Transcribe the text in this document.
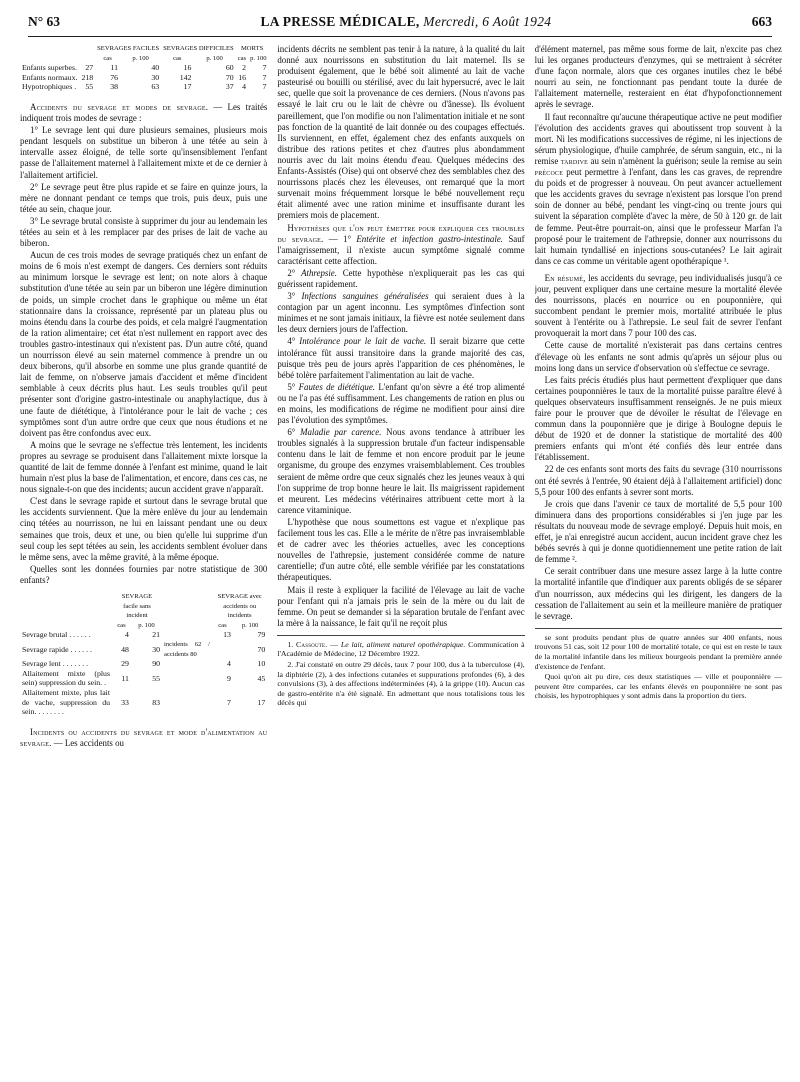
N° 63	LA PRESSE MÉDICALE, Mercredi, 6 Août 1924	663
		SEVRAGES FACILES		SEVRAGES DIFFICILES		MORTS	
		cas	p. 100	cas	p. 100	cas	p. 100
Enfants superbes.	27	11	40	16	60	2	7
Enfants normaux.	218	76	30	142	70	16	7
Hypotrophiques .	55	38	63	17	37	4	7

Accidents du sevrage et modes de sevrage. — Les traités indiquent trois modes de sevrage :

1° Le sevrage lent qui dure plusieurs semaines, plusieurs mois pendant lesquels on substitue un biberon à une tétée au sein à intervalle assez éloigné, de telle sorte qu'insensiblement l'enfant passe de l'allaitement maternel à l'allaitement mixte et de ce dernier à l'allaitement artificiel.

2° Le sevrage peut être plus rapide et se faire en quinze jours, la mère ne donnant pendant ce temps que trois, puis deux, puis une tétée au sein, chaque jour.

3° Le sevrage brutal consiste à supprimer du jour au lendemain les tétées au sein et à les remplacer par des prises de lait de vache au biberon.

Aucun de ces trois modes de sevrage pratiqués chez un enfant de moins de 6 mois n'est exempt de dangers. Ces derniers sont réduits au minimum lorsque le sevrage est lent; on note alors à chaque substitution d'une tétée au sein par un biberon une légère diminution de poids, un simple crochet dans le graphique ou même un état stationnaire dans la croissance, représenté par un plateau plus ou moins étendu dans la courbe des poids, et cela malgré l'augmentation de la ration alimentaire; cet état n'est nullement en rapport avec des troubles gastro-intestinaux qui n'existent pas. D'un autre côté, quand un nourrisson élevé au sein maternel commence à prendre un ou deux biberons, qu'il absorbe en somme une plus grande quantité de lait de femme, on n'observe jamais d'accident et même d'incident semblable à ceux décrits plus haut. Les seuls troubles qu'il peut présenter sont d'origine gastro-intestinale ou anaphylactique, dus à une faute de diététique, à l'intolérance pour le lait de vache ; ces symptômes sont d'un autre ordre que ceux que nous étudions et ne doivent pas être confondus avec eux.

A moins que le sevrage ne s'effectue très lentement, les incidents propres au sevrage se produisent dans l'allaitement mixte lorsque la quantité de lait de femme donnée à l'enfant est minime, quand le lait humain n'est plus la base de l'alimentation, et encore, dans ces cas, ne nous signale-t-on que des incidents; aucun accident grave n'apparaît.

C'est dans le sevrage rapide et surtout dans le sevrage brutal que les accidents surviennent. Que la mère enlève du jour au lendemain cinq tétées au nourrisson, ne lui en laissant pendant une ou deux semaines que trois, deux et une, ou bien qu'elle lui supprime d'un seul coup les sept tétées au sein, les accidents semblent évoluer dans le même sens, avec la même gravité, à la même époque.

Quelles sont les données fournies par notre statistique de 300 enfants?

	SEVRAGE facile sans incident			SEVRAGE avec accidents ou incidents	
	cas	p. 100		cas	p. 100
Sevrage brutal . . . . . .	4	21		13	79
Sevrage rapide . . . . . .	48	30	incidents 62 / accidents 80		70
Sevrage lent . . . . . . .	29	90		4	10
Allaitement mixte (plus sein) suppression du sein. .	11	55		9	45
Allaitement mixte, plus lait de vache, suppression du sein. . . . . . . .	33	83		7	17

Incidents ou accidents du sevrage et mode d'alimentation au sevrage. — Les accidents ou

incidents décrits ne semblent pas tenir à la nature, à la qualité du lait donné aux nourrissons en substitution du lait maternel. Ils se produisent également, que le bébé soit alimenté au lait de vache pasteurisé ou bouilli ou stérilisé, avec du lait hypersucré, avec le lait sec, quelle que soit la provenance de ces derniers. (Nous n'avons pas essayé le lait cru ou le lait de chèvre ou d'ânesse). Ils évoluent pareillement, que l'on modifie ou non l'alimentation initiale et ne sont pas fonction de la quantité de lait donnée ou des coupages effectués. Ils surviennent, en effet, également chez des enfants auxquels on distribue des rations petites et chez d'autres plus abondamment nourris avec du lait moins étendu d'eau. Quelques médecins des Enfants-Assistés (Oise) qui ont observé chez des semblables chez des nourrissons placés chez les éleveuses, ont remarqué que la mort survenait moins fréquemment lorsque le bébé nouvellement reçu était alimenté avec une ration minime et insuffisante durant les premiers mois de placement.

Hypothèses que l'on peut émettre pour expliquer ces troubles du sevrage. — 1° Entérite et infection gastro-intestinale. Sauf l'amaigrissement, il n'existe aucun symptôme signalé comme caractérisant cette affection.

2° Athrepsie. Cette hypothèse n'expliquerait pas les cas qui guérissent rapidement.

3° Infections sanguines généralisées qui seraient dues à la contagion par un agent inconnu. Les symptômes d'infection sont minimes et ne sont jamais initiaux, la fièvre est notée seulement dans les deux derniers jours de l'affection.

4° Intolérance pour le lait de vache. Il serait bizarre que cette intolérance fût aussi transitoire dans la grande majorité des cas, puisque très peu de jours après l'apparition de ces phénomènes, le bébé tolère parfaitement l'alimentation au lait de vache.

5° Fautes de diététique. L'enfant qu'on sèvre a été trop alimenté ou ne l'a pas été suffisamment. Les changements de ration en plus ou en moins, les modifications de régime ne modifient pour ainsi dire pas l'évolution des symptômes.

6° Maladie par carence. Nous avons tendance à attribuer les troubles signalés à la suppression brutale d'un facteur indispensable contenu dans le lait de femme et non encore produit par le jeune organisme, du groupe des enzymes vraisemblablement. Ces troubles seraient de même ordre que ceux signalés chez les jeunes veaux à qui l'on supprime de trop bonne heure le lait. Ils maigrissent rapidement et meurent. Les médecins vétérinaires attribuent cette mort à la carence vitaminique.

L'hypothèse que nous soumettons est vague et n'explique pas facilement tous les cas. Elle a le mérite de n'être pas invraisemblable et de cadrer avec les théories actuelles, avec les conceptions nouvelles de l'athrepsie, justement considérée comme de nature carentielle; d'un autre côté, elle semble vérifiée par les constatations thérapeutiques.

Mais il reste à expliquer la facilité de l'élevage au lait de vache pour l'enfant qui n'a jamais pris le sein de la mère ou du lait de femme. On peut se demander si la séparation brutale de l'enfant avec la mère à la naissance, le fait qu'il ne reçoit plus

1. Cassoute. — Le lait, aliment naturel opothérapique. Communication à l'Académie de Médecine, 12 Décembre 1922.

2. J'ai constaté en outre 29 décès, taux 7 pour 100, dus à la tuberculose (4), la diphtérie (2), à des infections cutanées et suppurations profondes (6), à des convulsions (3), à des affections indéterminées (4), à la grippe (10). Aucun cas de gastro-entérite n'a été signalé. En admettant que nous totalisions tous les décès qui

d'élément maternel, pas même sous forme de lait, n'excite pas chez lui les organes producteurs d'enzymes, qui se mettraient à sécréter d'une façon normale, alors que ces organes inutiles chez le bébé nourri au sein, ne fonctionnant pas pendant toute la durée de l'allaitement maternelle, resteraient en état d'hypofonctionnement après le sevrage.

Il faut reconnaître qu'aucune thérapeutique active ne peut modifier l'évolution des accidents graves qui aboutissent trop souvent à la mort. Ni les modifications successives de régime, ni les injections de sérum physiologique, d'huile camphrée, de sérum sanguin, etc., ni la remise tardive au sein n'amènent la guérison; seule la remise au sein précoce peut permettre à l'enfant, dans les cas graves, de reprendre du poids et de progresser à nouveau. On peut avancer actuellement que les accidents graves du sevrage n'existent pas lorsque l'on prend soin de donner au bébé, pendant les vingt-cinq ou trente jours qui suivent la séparation complète d'avec la mère, de 50 à 120 gr. de lait de femme. Peut-être pourrait-on, ainsi que le professeur Marfan l'a proposé pour le traitement de l'athrepsie, donner aux nourrissons du lait humain tyndallisé en injections sous-cutanées? Le lait agirait dans ce cas comme un véritable agent opothérapique ¹.

En résumé, les accidents du sevrage, peu individualisés jusqu'à ce jour, peuvent expliquer dans une certaine mesure la mortalité élevée des nourrissons, placés en nourrice ou en pouponnière, qui succombent pendant le premier mois, mortalité attribuée le plus souvent à l'entérite ou à l'athrepsie. Le seul fait de sevrer l'enfant provoquerait la mort dans 7 pour 100 des cas.

Cette cause de mortalité n'existerait pas dans certains centres d'élevage où les enfants ne sont admis qu'après un séjour plus ou moins long dans un service d'observation où s'effectue ce sevrage.

Les faits précis étudiés plus haut permettent d'expliquer que dans certaines pouponnières le taux de la mortalité puisse paraître élevé à quelques observateurs insuffisamment renseignés. Je ne puis mieux faire pour le prouver que de dévoiler le résultat de l'élevage en commun dans la pouponnière que je dirige à Boulogne depuis le début de 1920 et de donner la statistique de mortalité des 400 premiers enfants qui m'ont été confiés dès leur entrée dans l'établissement.

22 de ces enfants sont morts des faits du sevrage (310 nourrissons ont été sevrés à l'entrée, 90 étaient déjà à l'allaitement artificiel) donc 5,5 pour 100 des enfants à sevrer sont morts.

Je crois que dans l'avenir ce taux de mortalité de 5,5 pour 100 diminuera dans des proportions considérables si j'en juge par les résultats du nouveau mode de sevrage employé. Depuis huit mois, en effet, je n'ai enregistré aucun accident, aucun incident grave chez les bébés sevrés à qui je donne quotidiennement une petite ration de lait de femme ².

Ce serait contribuer dans une mesure assez large à la lutte contre la mortalité infantile que d'indiquer aux parents obligés de se séparer d'un nourrisson, aux médecins qui les dirigent, les dangers de la cessation de l'allaitement au sein et la meilleure manière de pratiquer le sevrage.

se sont produits pendant plus de quatre années sur 400 enfants, nous trouvons 51 cas, soit 12 pour 100 de mortalité totale, ce qui est en reste le taux de la mortalité infantile dans les milieux bourgeois pendant la première année d'existence de l'enfant.

Quoi qu'on ait pu dire, ces deux statistiques — ville et pouponnière — peuvent être comparées, car les enfants élevés en pouponnière ne sont pas choisis, les hypotrophiques y sont admis dans la proportion du tiers.
